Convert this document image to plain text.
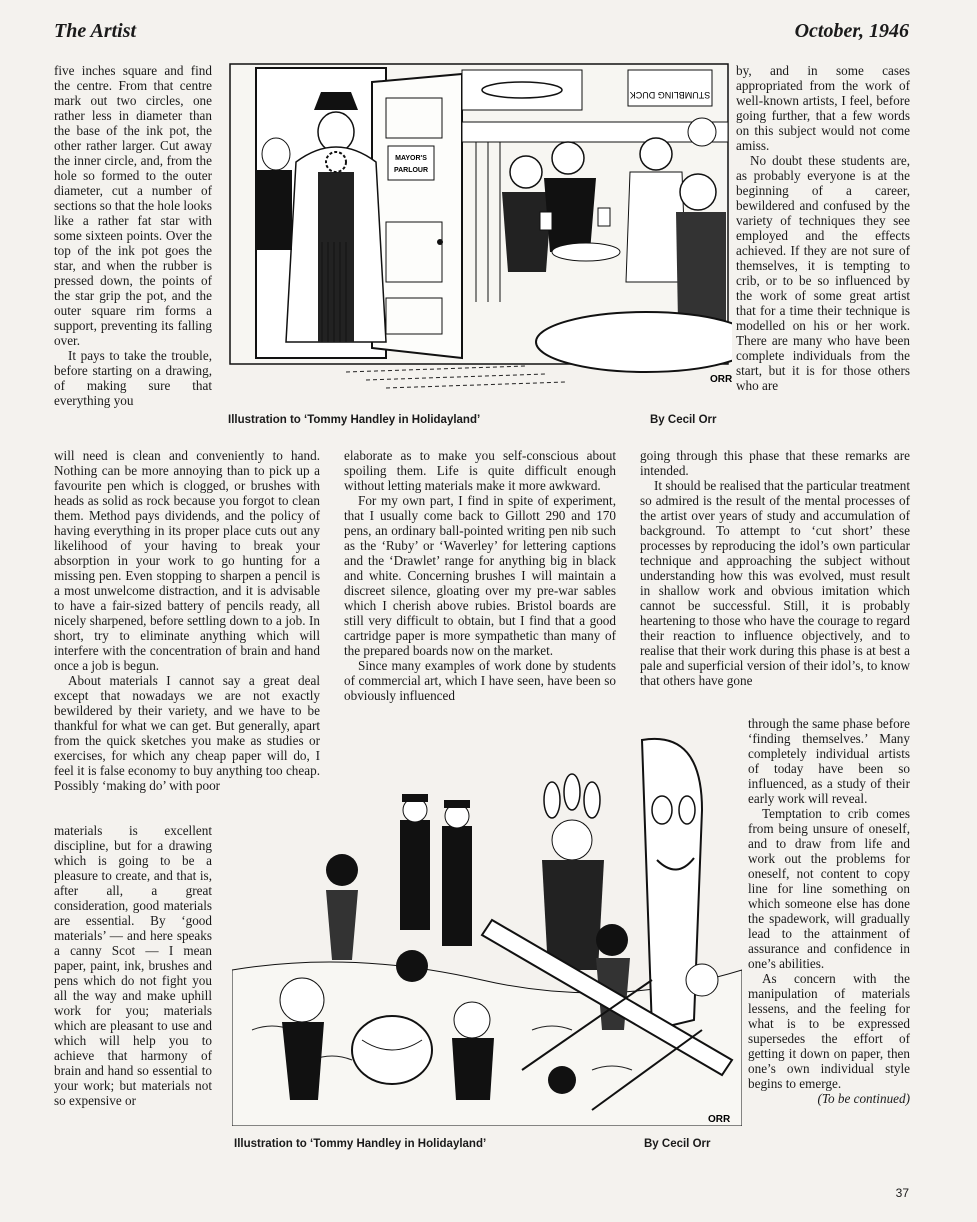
The Artist	October, 1946

five inches square and find the centre. From that centre mark out two circles, one rather less in diameter than the base of the ink pot, the other rather larger. Cut away the inner circle, and, from the hole so formed to the outer diameter, cut a number of sections so that the hole looks like a rather fat star with some sixteen points. Over the top of the ink pot goes the star, and when the rubber is pressed down, the points of the star grip the pot, and the outer square rim forms a support, preventing its falling over.

It pays to take the trouble, before starting on a drawing, of making sure that everything you

will need is clean and conveniently to hand. Nothing can be more annoying than to pick up a favourite pen which is clogged, or brushes with heads as solid as rock because you forgot to clean them. Method pays dividends, and the policy of having everything in its proper place cuts out any likelihood of your having to break your absorption in your work to go hunting for a missing pen. Even stopping to sharpen a pencil is a most unwelcome distraction, and it is advisable to have a fair-sized battery of pencils ready, all nicely sharpened, before settling down to a job. In short, try to eliminate anything which will interfere with the concentration of brain and hand once a job is begun.

About materials I cannot say a great deal except that nowadays we are not exactly bewildered by their variety, and we have to be thankful for what we can get. But generally, apart from the quick sketches you make as studies or exercises, for which any cheap paper will do, I feel it is false economy to buy anything too cheap. Possibly ‘making do’ with poor

materials is excellent discipline, but for a drawing which is going to be a pleasure to create, and that is, after all, a great consideration, good materials are essential. By ‘good materials’ — and here speaks a canny Scot — I mean paper, paint, ink, brushes and pens which do not fight you all the way and make uphill work for you; materials which are pleasant to use and which will help you to achieve that harmony of brain and hand so essential to your work; but materials not so expensive or

elaborate as to make you self-conscious about spoiling them. Life is quite difficult enough without letting materials make it more awkward.

For my own part, I find in spite of experiment, that I usually come back to Gillott 290 and 170 pens, an ordinary ball-pointed writing pen nib such as the ‘Ruby’ or ‘Waverley’ for lettering captions and the ‘Drawlet’ range for anything big in black and white. Concerning brushes I will maintain a discreet silence, gloating over my pre-war sables which I cherish above rubies. Bristol boards are still very difficult to obtain, but I find that a good cartridge paper is more sympathetic than many of the prepared boards now on the market.

Since many examples of work done by students of commercial art, which I have seen, have been so obviously influenced

by, and in some cases appropriated from the work of well-known artists, I feel, before going further, that a few words on this subject would not come amiss.

No doubt these students are, as probably everyone is at the beginning of a career, bewildered and confused by the variety of techniques they see employed and the effects achieved. If they are not sure of themselves, it is tempting to crib, or to be so influenced by the work of some great artist that for a time their technique is modelled on his or her work. There are many who have been complete individuals from the start, but it is for those others who are

going through this phase that these remarks are intended.

It should be realised that the particular treatment so admired is the result of the mental processes of the artist over years of study and accumulation of background. To attempt to ‘cut short’ these processes by reproducing the idol’s own particular technique and approaching the subject without understanding how this was evolved, must result in shallow work and obvious imitation which cannot be successful. Still, it is probably heartening to those who have the courage to regard their reaction to influence objectively, and to realise that their work during this phase is at best a pale and superficial version of their idol’s, to know that others have gone

through the same phase before ‘finding themselves.’ Many completely individual artists of today have been so influenced, as a study of their early work will reveal.

Temptation to crib comes from being unsure of oneself, and to draw from life and work out the problems for oneself, not content to copy line for line something on which someone else has done the spadework, will gradually lead to the attainment of assurance and confidence in one’s abilities.

As concern with the manipulation of materials lessens, and the feeling for what is to be expressed supersedes the effort of getting it down on paper, then one’s own individual style begins to emerge.

(To be continued)

MAYOR'S
PARLOUR
STUMBLING DUCK
ORR
Illustration to ‘Tommy Handley in Holidayland’	By Cecil Orr
ORR
Illustration to ‘Tommy Handley in Holidayland’	By Cecil Orr
37
